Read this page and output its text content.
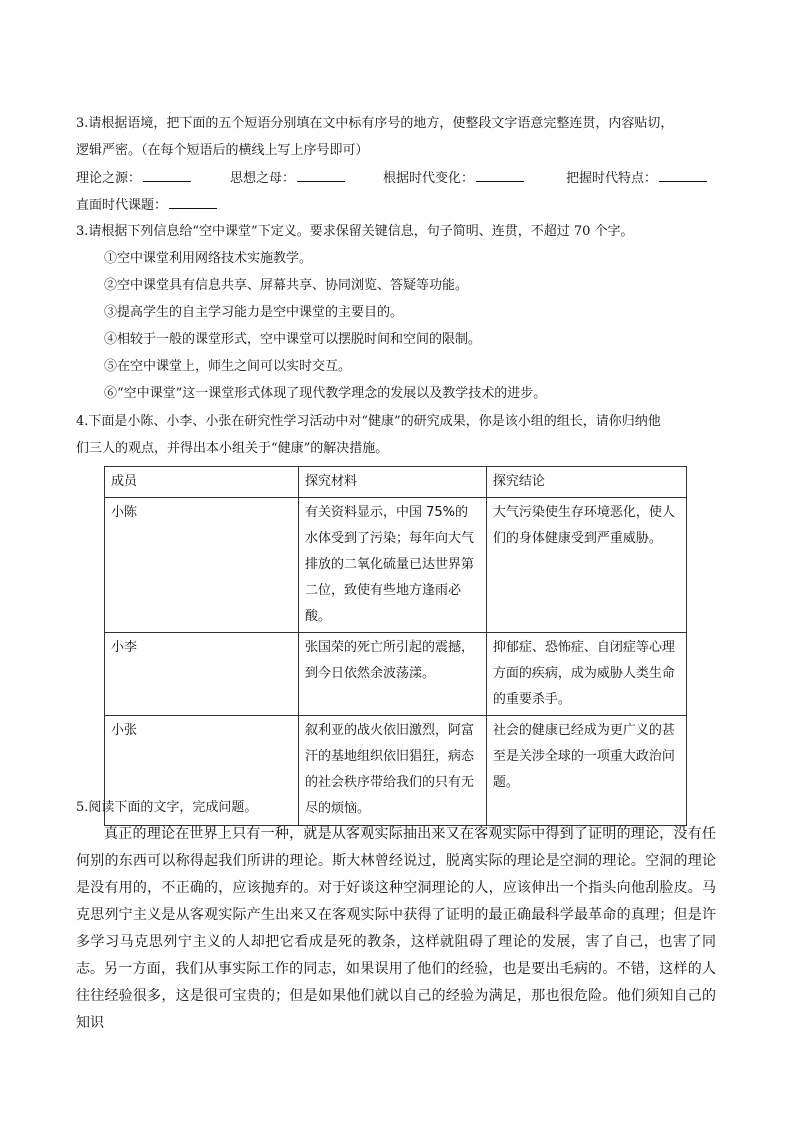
3.请根据语境，把下面的五个短语分别填在文中标有序号的地方，使整段文字语意完整连贯，内容贴切，
逻辑严密。（在每个短语后的横线上写上序号即可）
理论之源：	思想之母：	根据时代变化：	把握时代特点：
直面时代课题：
3.请根据下列信息给“空中课堂”下定义。要求保留关键信息，句子简明、连贯，不超过 70 个字。
①空中课堂利用网络技术实施教学。
②空中课堂具有信息共享、屏幕共享、协同浏览、答疑等功能。
③提高学生的自主学习能力是空中课堂的主要目的。
④相较于一般的课堂形式，空中课堂可以摆脱时间和空间的限制。
⑤在空中课堂上，师生之间可以实时交互。
⑥“空中课堂”这一课堂形式体现了现代教学理念的发展以及教学技术的进步。
4.下面是小陈、小李、小张在研究性学习活动中对“健康”的研究成果，你是该小组的组长，请你归纳他
们三人的观点，并得出本小组关于“健康”的解决措施。
成员	探究材料	探究结论
小陈	有关资料显示，中国 75%的水体受到了污染；每年向大气排放的二氧化硫量已达世界第二位，致使有些地方逢雨必酸。	大气污染使生存环境恶化，使人们的身体健康受到严重威胁。
小李	张国荣的死亡所引起的震撼，到今日依然余波荡漾。	抑郁症、恐怖症、自闭症等心理方面的疾病，成为威胁人类生命的重要杀手。
小张	叙利亚的战火依旧激烈，阿富汗的基地组织依旧猖狂，病态的社会秩序带给我们的只有无尽的烦恼。	社会的健康已经成为更广义的甚至是关涉全球的一项重大政治问题。
5.阅读下面的文字，完成问题。
真正的理论在世界上只有一种，就是从客观实际抽出来又在客观实际中得到了证明的理论，没有任何别的东西可以称得起我们所讲的理论。斯大林曾经说过，脱离实际的理论是空洞的理论。空洞的理论是没有用的，不正确的，应该抛弃的。对于好谈这种空洞理论的人，应该伸出一个指头向他刮脸皮。马克思列宁主义是从客观实际产生出来又在客观实际中获得了证明的最正确最科学最革命的真理；但是许多学习马克思列宁主义的人却把它看成是死的教条，这样就阻碍了理论的发展，害了自己，也害了同志。 另一方面，我们从事实际工作的同志，如果误用了他们的经验，也是要出毛病的。不错，这样的人往往经验很多，这是很可宝贵的；但是如果他们就以自己的经验为满足，那也很危险。他们须知自己的知识
